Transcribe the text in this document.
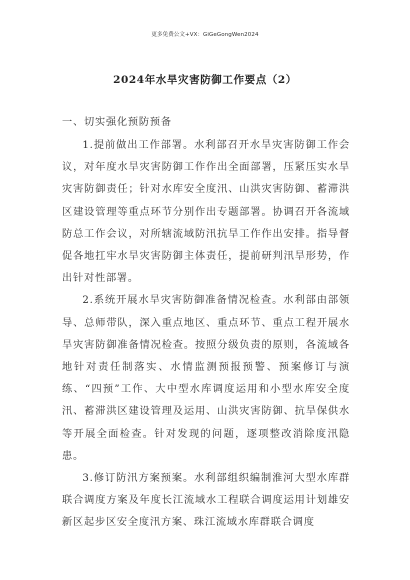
更多免费公文+VX：GiGeGongWen2024
2024年水旱灾害防御工作要点（2）
一、切实强化预防预备

1.提前做出工作部署。水利部召开水旱灾害防御工作会议，对年度水旱灾害防御工作作出全面部署，压紧压实水旱灾害防御责任；针对水库安全度汛、山洪灾害防御、蓄滞洪区建设管理等重点环节分别作出专题部署。协调召开各流域防总工作会议，对所辖流域防汛抗旱工作作出安排。指导督促各地扛牢水旱灾害防御主体责任，提前研判汛旱形势，作出针对性部署。

2.系统开展水旱灾害防御准备情况检查。水利部由部领导、总师带队，深入重点地区、重点环节、重点工程开展水旱灾害防御准备情况检查。按照分级负责的原则，各流域各地针对责任制落实、水情监测预报预警、预案修订与演练、“四预”工作、大中型水库调度运用和小型水库安全度汛、蓄滞洪区建设管理及运用、山洪灾害防御、抗旱保供水等开展全面检查。针对发现的问题，逐项整改消除度汛隐患。

3.修订防汛方案预案。水利部组织编制淮河大型水库群联合调度方案及年度长江流域水工程联合调度运用计划雄安新区起步区安全度汛方案、珠江流域水库群联合调度
